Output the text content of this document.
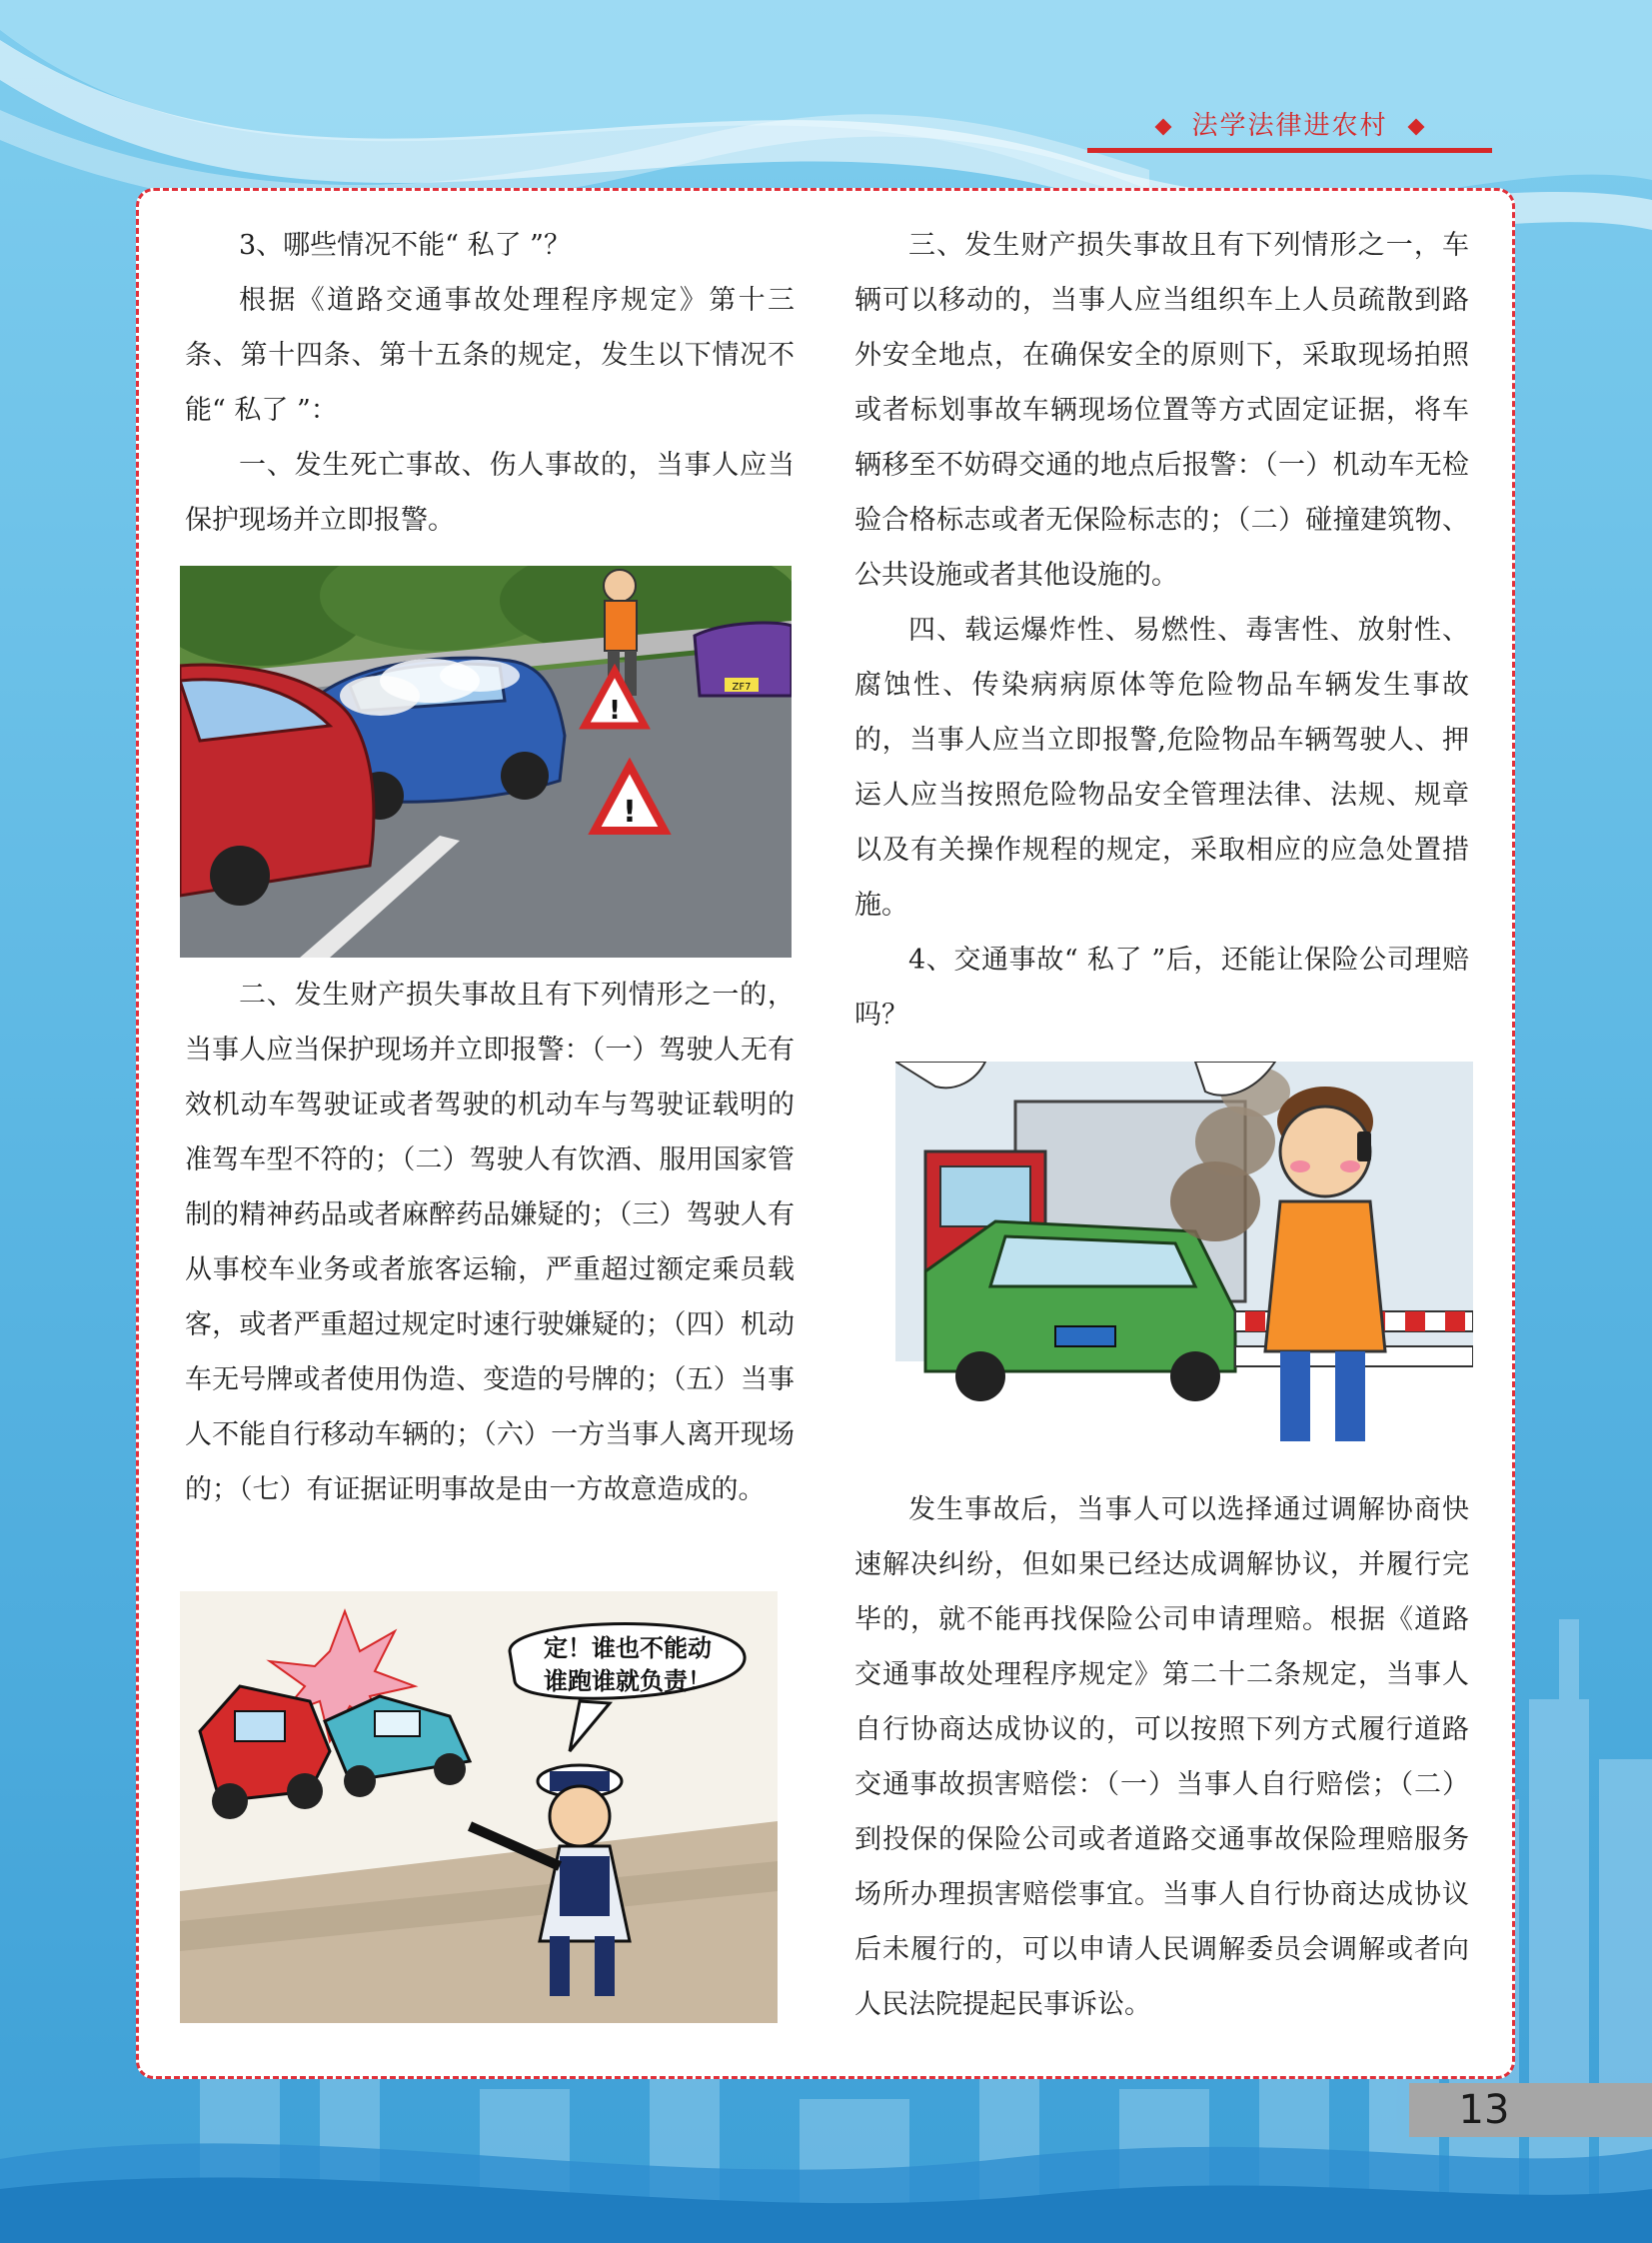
法学法律进农村

3、哪些情况不能“ 私了 ”？

根据《道路交通事故处理程序规定》第十三条、第十四条、第十五条的规定，发生以下情况不能“ 私了 ”：

一、发生死亡事故、伤人事故的，当事人应当保护现场并立即报警。

ZF7
!
!

二、发生财产损失事故且有下列情形之一的，当事人应当保护现场并立即报警：（一）驾驶人无有效机动车驾驶证或者驾驶的机动车与驾驶证载明的准驾车型不符的；（二）驾驶人有饮酒、服用国家管制的精神药品或者麻醉药品嫌疑的；（三）驾驶人有从事校车业务或者旅客运输，严重超过额定乘员载客，或者严重超过规定时速行驶嫌疑的；（四）机动车无号牌或者使用伪造、变造的号牌的；（五）当事人不能自行移动车辆的；（六）一方当事人离开现场的；（七）有证据证明事故是由一方故意造成的。

定！谁也不能动
谁跑谁就负责！

三、发生财产损失事故且有下列情形之一，车辆可以移动的，当事人应当组织车上人员疏散到路外安全地点，在确保安全的原则下，采取现场拍照或者标划事故车辆现场位置等方式固定证据，将车辆移至不妨碍交通的地点后报警：（一）机动车无检验合格标志或者无保险标志的；（二）碰撞建筑物、公共设施或者其他设施的。

四、载运爆炸性、易燃性、毒害性、放射性、腐蚀性、传染病病原体等危险物品车辆发生事故的，当事人应当立即报警,危险物品车辆驾驶人、押运人应当按照危险物品安全管理法律、法规、规章以及有关操作规程的规定，采取相应的应急处置措施。

4、交通事故“ 私了 ”后，还能让保险公司理赔吗？

发生事故后，当事人可以选择通过调解协商快速解决纠纷，但如果已经达成调解协议，并履行完毕的，就不能再找保险公司申请理赔。根据《道路交通事故处理程序规定》第二十二条规定，当事人自行协商达成协议的，可以按照下列方式履行道路交通事故损害赔偿：（一）当事人自行赔偿；（二）到投保的保险公司或者道路交通事故保险理赔服务场所办理损害赔偿事宜。当事人自行协商达成协议后未履行的，可以申请人民调解委员会调解或者向人民法院提起民事诉讼。

13
